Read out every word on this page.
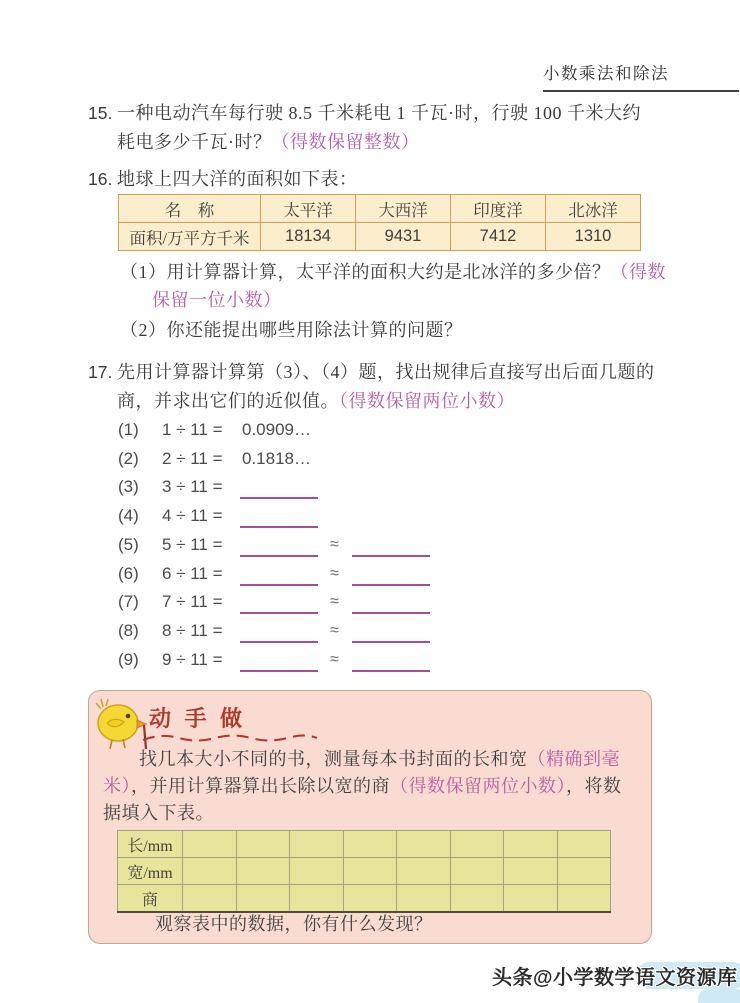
小数乘法和除法
15. 一种电动汽车每行驶 8.5 千米耗电 1 千瓦·时，行驶 100 千米大约
耗电多少千瓦·时？（得数保留整数）
16. 地球上四大洋的面积如下表：
名　称	太平洋	大西洋	印度洋	北冰洋
面积/万平方千米	18134	9431	7412	1310
（1）用计算器计算，太平洋的面积大约是北冰洋的多少倍？（得数
保留一位小数）
（2）你还能提出哪些用除法计算的问题？
17. 先用计算器计算第（3）、（4）题，找出规律后直接写出后面几题的
商，并求出它们的近似值。（得数保留两位小数）
(1) 1 ÷ 11 = 0.0909…
(2) 2 ÷ 11 = 0.1818…
(3) 3 ÷ 11 =
(4) 4 ÷ 11 =
(5) 5 ÷ 11 =	≈
(6) 6 ÷ 11 =	≈
(7) 7 ÷ 11 =	≈
(8) 8 ÷ 11 =	≈
(9) 9 ÷ 11 =	≈
动 手 做
找几本大小不同的书，测量每本书封面的长和宽（精确到毫米），并用计算器算出长除以宽的商（得数保留两位小数），将数据填入下表。
长/mm								
宽/mm								
商								
观察表中的数据，你有什么发现？
头条@小学数学语文资源库
